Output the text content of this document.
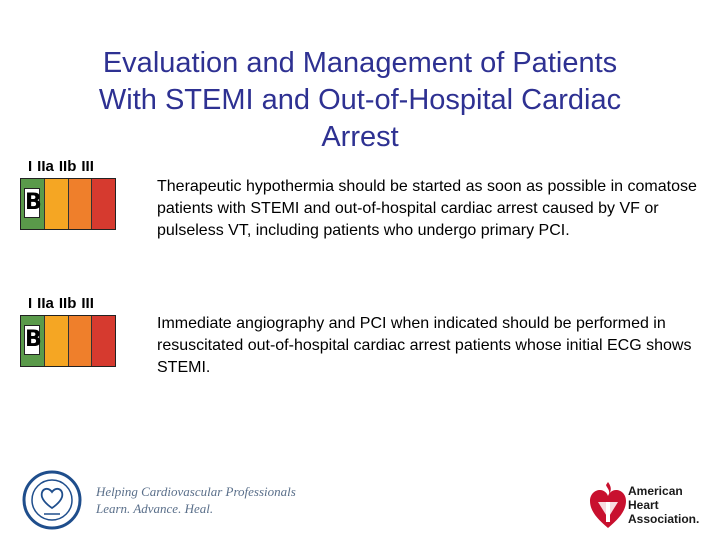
Evaluation and Management of Patients
With STEMI and Out-of-Hospital Cardiac
Arrest
I IIa IIb III
B
Therapeutic hypothermia should be started as soon as possible in comatose patients with STEMI and out-of-hospital cardiac arrest caused by VF or pulseless VT, including patients who undergo primary PCI.
I IIa IIb III
B
Immediate angiography and PCI when indicated should be performed in resuscitated out-of-hospital cardiac arrest patients whose initial ECG shows STEMI.
Helping Cardiovascular Professionals
Learn. Advance. Heal.
American
Heart
Association.
